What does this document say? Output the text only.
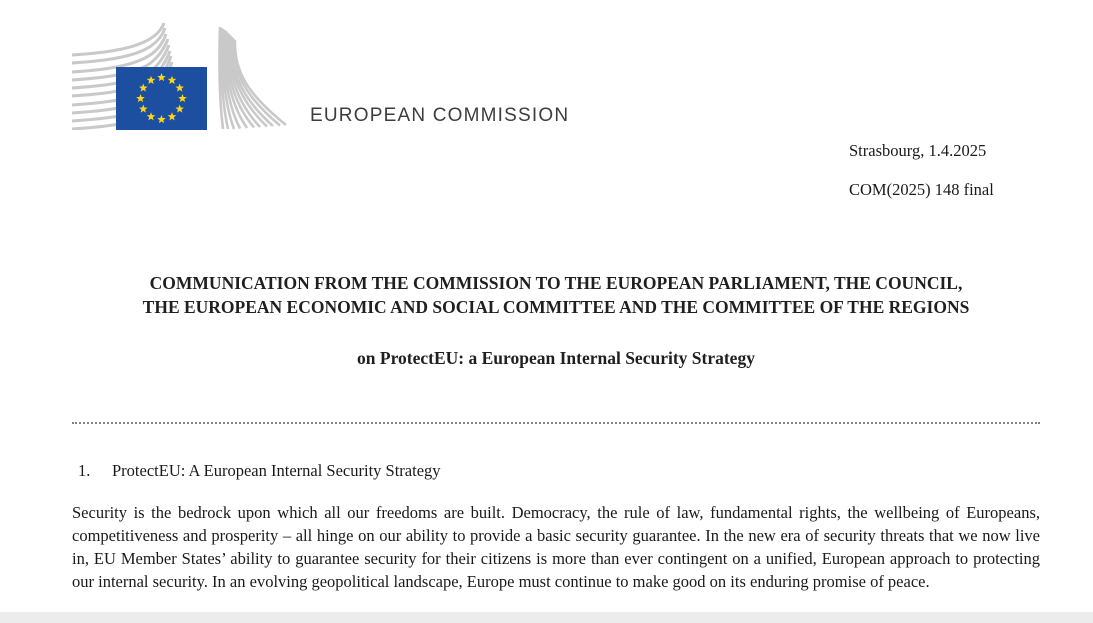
EUROPEAN COMMISSION
Strasbourg, 1.4.2025
COM(2025) 148 final
COMMUNICATION FROM THE COMMISSION TO THE EUROPEAN PARLIAMENT, THE COUNCIL,
THE EUROPEAN ECONOMIC AND SOCIAL COMMITTEE AND THE COMMITTEE OF THE REGIONS
on ProtectEU: a European Internal Security Strategy
1. ProtectEU: A European Internal Security Strategy
Security is the bedrock upon which all our freedoms are built. Democracy, the rule of law, fundamental rights, the wellbeing of Europeans, competitiveness and prosperity – all hinge on our ability to provide a basic security guarantee. In the new era of security threats that we now live in, EU Member States’ ability to guarantee security for their citizens is more than ever contingent on a unified, European approach to protecting our internal security. In an evolving geopolitical landscape, Europe must continue to make good on its enduring promise of peace.
